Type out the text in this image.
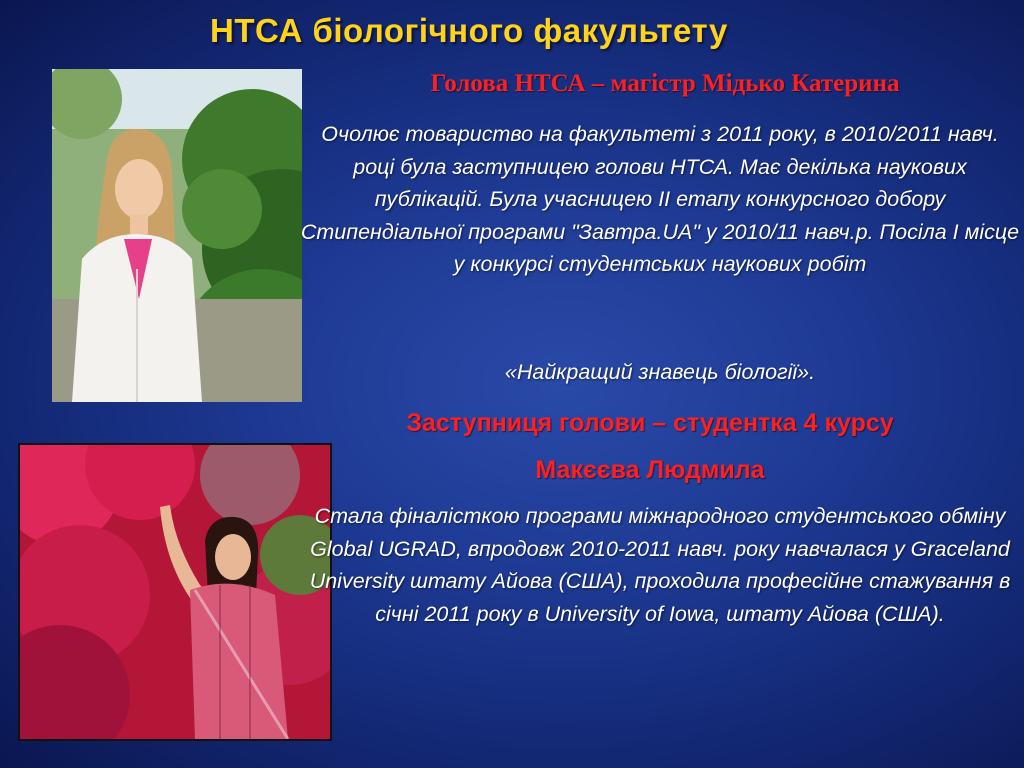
НТСА біологічного факультету
Голова НТСА – магістр Мідько Катерина
Очолює товариство на факультеті з 2011 року, в 2010/2011 навч. році була заступницею голови НТСА. Має декілька наукових публікацій. Була учасницею ІІ етапу конкурсного добору Стипендіальної програми "Завтра.UA" у 2010/11 навч.р. Посіла І місце у конкурсі студентських наукових робіт
«Найкращий знавець біології».
Заступниця голови – студентка 4 курсу
Макєєва Людмила
Стала фіналісткою програми міжнародного студентського обміну Global UGRAD, впродовж 2010-2011 навч. року навчалася у Graceland University штату Айова (США), проходила професійне стажування в січні 2011 року в University of Iowa, штату Айова (США).
